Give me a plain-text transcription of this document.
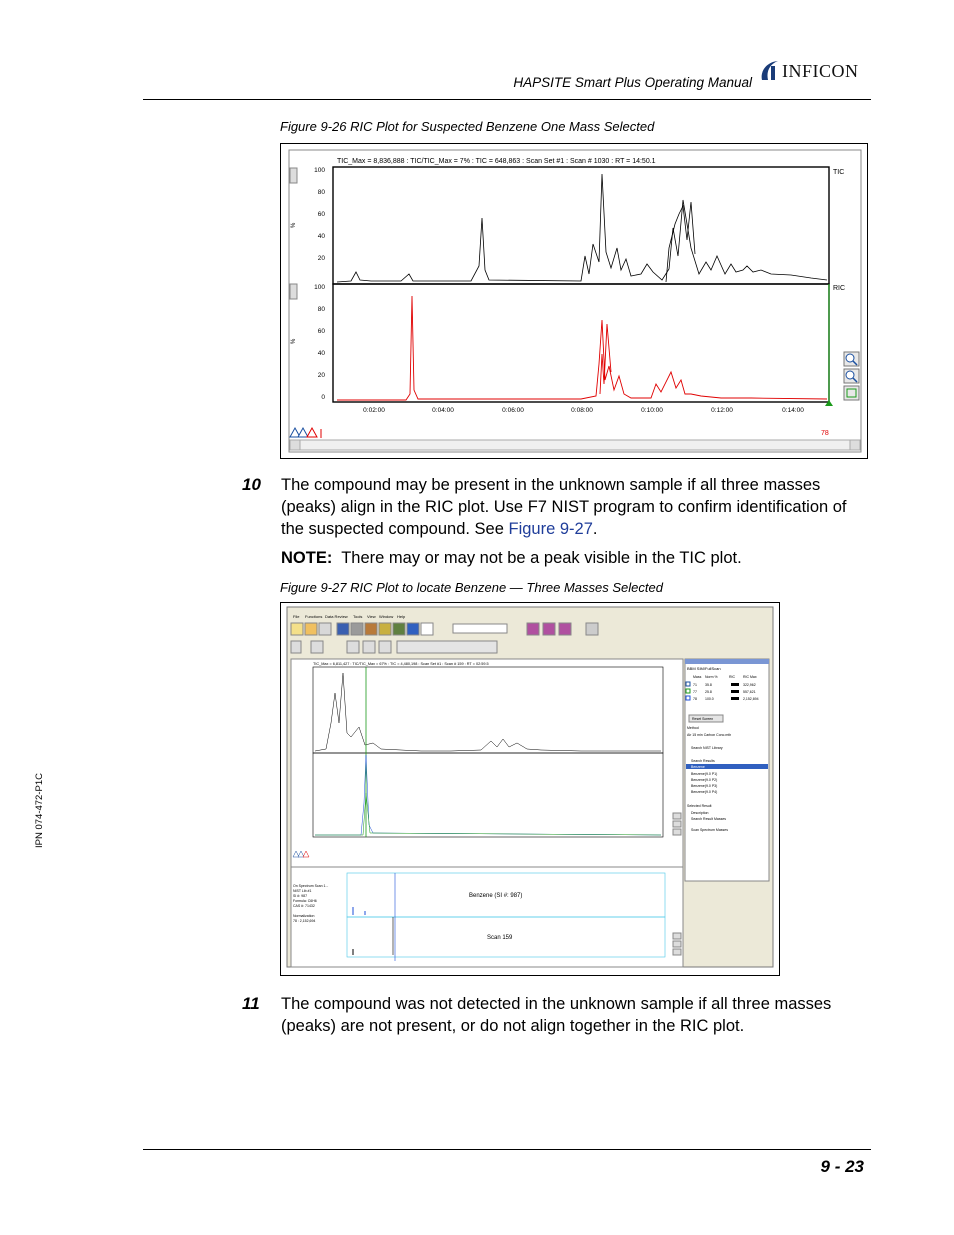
HAPSITE Smart Plus Operating Manual
INFICON
Figure 9-26 RIC Plot for Suspected Benzene One Mass Selected
TIC_Max = 8,836,888 : TIC/TIC_Max = 7% : TIC = 648,863 : Scan Set #1 : Scan # 1030 : RT = 14:50.1
%
%
100
80
60
40
20
TIC
100
80
60
40
20
0
RIC
0:02:00	0:04:00	0:06:00	0:08:00	0:10:00	0:12:00	0:14:00
78
10 The compound may be present in the unknown sample if all three masses (peaks) align in the RIC plot. Use F7 NIST program to confirm identification of the suspected compound. See Figure 9-27.
NOTE: There may or may not be a peak visible in the TIC plot.
Figure 9-27 RIC Plot to locate Benzene — Three Masses Selected
File Functions Data Review Tools View Window Help
TIC_Max = 6,811,427 : TIC/TIC_Max = 67% : TIC = 4,480,198 : Scan Set #1 : Scan # 159 : RT = 02:59.5
BBM SIM/FullScan
Mass Norm %	RIC RIC Max
71 35.8	322,962
77 25.8	557,621
78 100.0	2,152,694
Reset Screen
Method
Air 15 min Carbon Conc.mth
Search NIST Library
Search Results
Benzene
Benzene(9.0 P1)
Benzene(9.0 P2)
Benzene(9.0 P3)
Benzene(9.0 P4)
Selected Result
Description
Search Result Masses
Scan Spectrum Masses
On Spectrum Scan 1...
NIST Lib #1
SI #: 987
Formula: C6H6
CAS #: 71432
Normalization
78 : 2,152,694
Benzene (SI #: 987)
Scan 159
11 The compound was not detected in the unknown sample if all three masses (peaks) are not present, or do not align together in the RIC plot.
IPN 074-472-P1C
9 - 23
